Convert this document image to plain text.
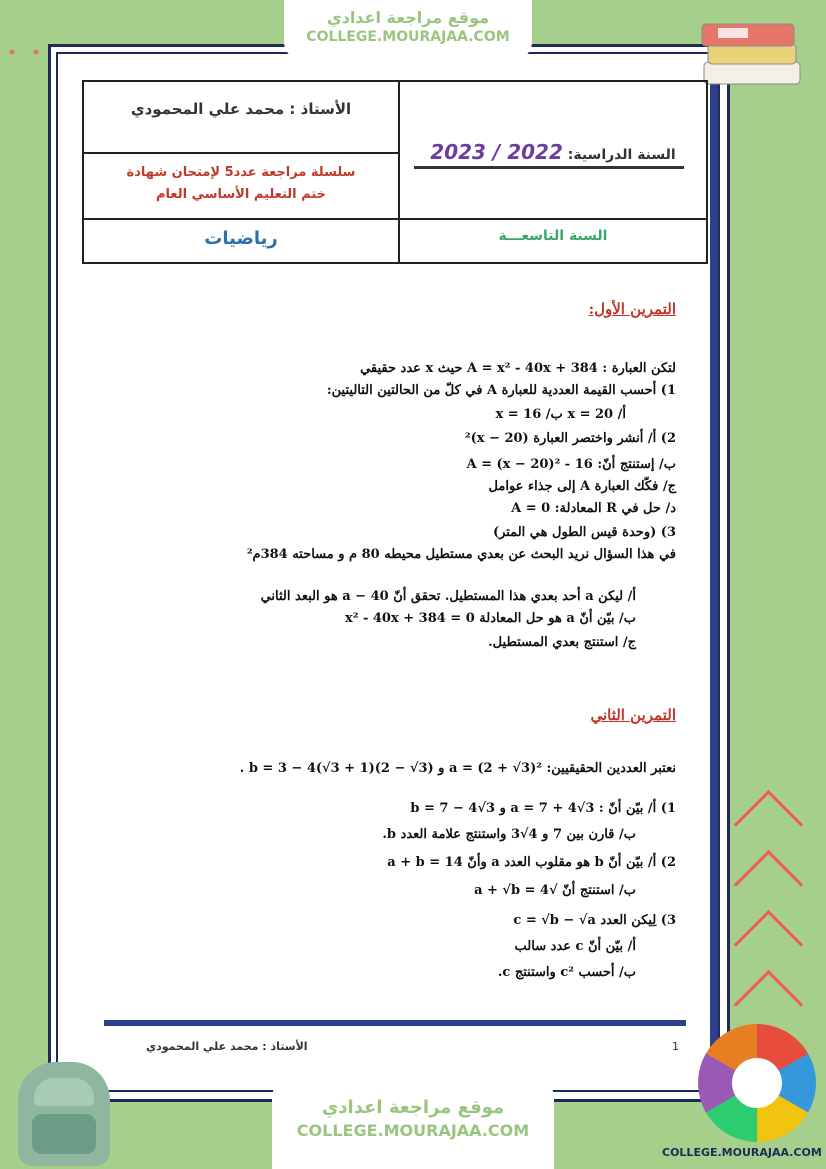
موقع مراجعة اعدادي
COLLEGE.MOURAJAA.COM
الأستاذ : محمد علي المحمودي
سلسلة مراجعة عدد5 لإمتحان شهادة
ختم التعليم الأساسي العام
رياضيات
السنة الدراسية: 2022 / 2023
السنة التاسعـــة
التمرين الأول:
لتكن العبارة : A = x² - 40x + 384 حيث x عدد حقيقي
1) أحسب القيمة العددية للعبارة A في كلّ من الحالتين التاليتين:
أ/ x = 20 ب/ x = 16
2) أ/ أنشر واختصر العبارة (x − 20)²
ب/ إستنتج أنّ: A = (x − 20)² - 16
ج/ فكّك العبارة A إلى جذاء عوامل
د/ حل في R المعادلة: A = 0
3) (وحدة قيس الطول هي المتر)
في هذا السؤال نريد البحث عن بعدي مستطيل محيطه 80 م و مساحته 384م²
أ/ ليكن a أحد بعدي هذا المستطيل. تحقق أنّ a − 40 هو البعد الثاني
ب/ بيّن أنّ a هو حل المعادلة x² - 40x + 384 = 0
ج/ استنتج بعدي المستطيل.
التمرين الثاني
نعتبر العددين الحقيقيين: a = (2 + √3)² و b = 3 − 4(√3 + 1)(2 − √3) .
1) أ/ بيّن أنّ : a = 7 + 4√3 و b = 7 − 4√3
ب/ قارن بين 7 و 4√3 واستنتج علامة العدد b.
2) أ/ بيّن أنّ b هو مقلوب العدد a وأنّ a + b = 14
ب/ استنتج أنّ √a + √b = 4
3) لِيكن العدد c = √b − √a
أ/ بيّن أنّ c عدد سالب
ب/ أحسب c² واستنتج c.
الأستاذ : محمد علي المحمودي	1
موقع مراجعة اعدادي
COLLEGE.MOURAJAA.COM
COLLEGE.MOURAJAA.COM
